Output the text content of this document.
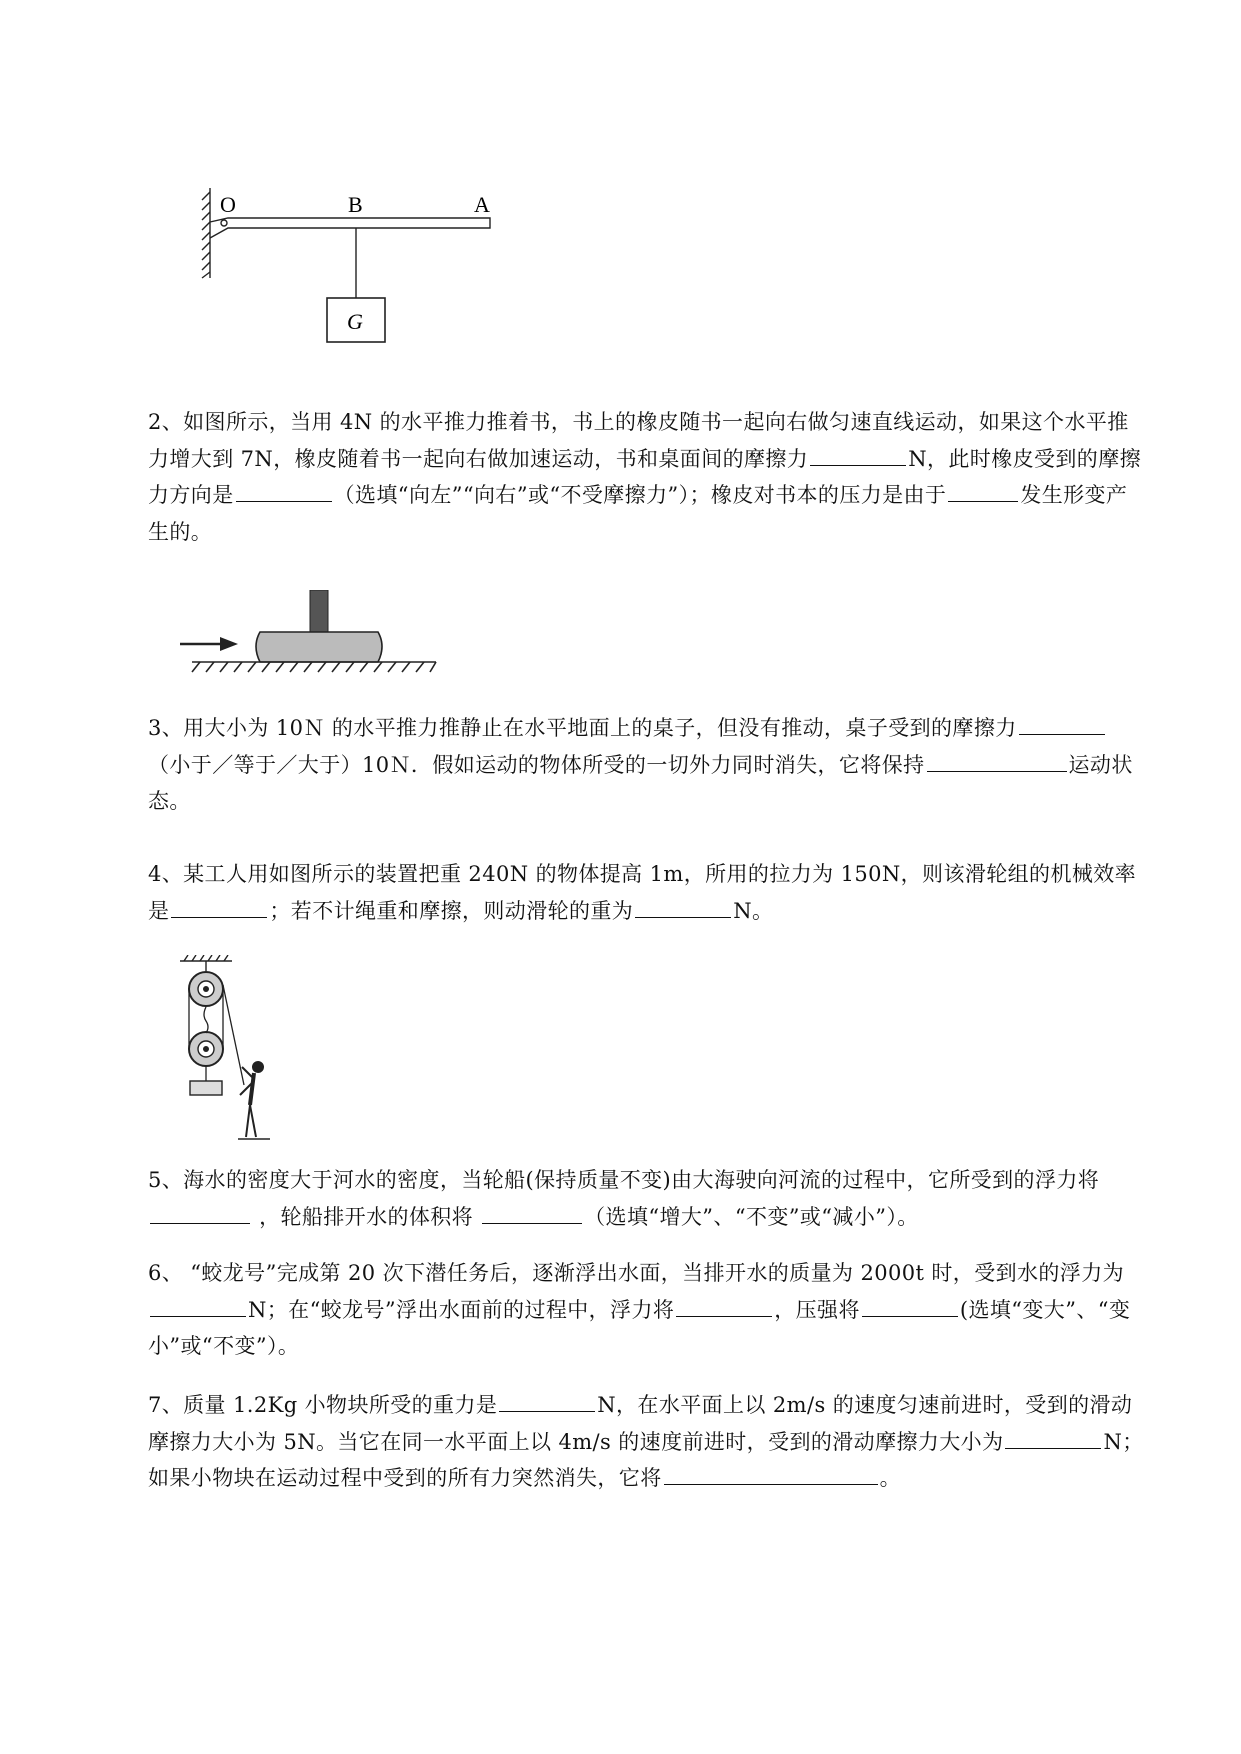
O	B	A
G
2、如图所示，当用 4N 的水平推力推着书，书上的橡皮随书一起向右做匀速直线运动，如果这个水平推力增大到 7N，橡皮随着书一起向右做加速运动，书和桌面间的摩擦力	N，此时橡皮受到的摩擦力方向是	（选填“向左”“向右”或“不受摩擦力”）；橡皮对书本的压力是由于	发生形变产生的。
3、用大小为 10Ｎ 的水平推力推静止在水平地面上的桌子，但没有推动，桌子受到的摩擦力（小于／等于／大于）10Ｎ．假如运动的物体所受的一切外力同时消失，它将保持	运动状态。
4、某工人用如图所示的装置把重 240N 的物体提高 1m，所用的拉力为 150N，则该滑轮组的机械效率是	；若不计绳重和摩擦，则动滑轮的重为	N。
5、海水的密度大于河水的密度，当轮船(保持质量不变)由大海驶向河流的过程中，它所受到的浮力将 ，轮船排开水的体积将	（选填“增大”、“不变”或“减小”）。
6、 “蛟龙号”完成第 20 次下潜任务后，逐渐浮出水面，当排开水的质量为 2000t 时，受到水的浮力为N；在“蛟龙号”浮出水面前的过程中，浮力将	，压强将	(选填“变大”、“变小”或“不变”）。
7、质量 1.2Kg 小物块所受的重力是	N，在水平面上以 2m/s 的速度匀速前进时，受到的滑动摩擦力大小为 5N。当它在同一水平面上以 4m/s 的速度前进时，受到的滑动摩擦力大小为	N；如果小物块在运动过程中受到的所有力突然消失，它将	。
